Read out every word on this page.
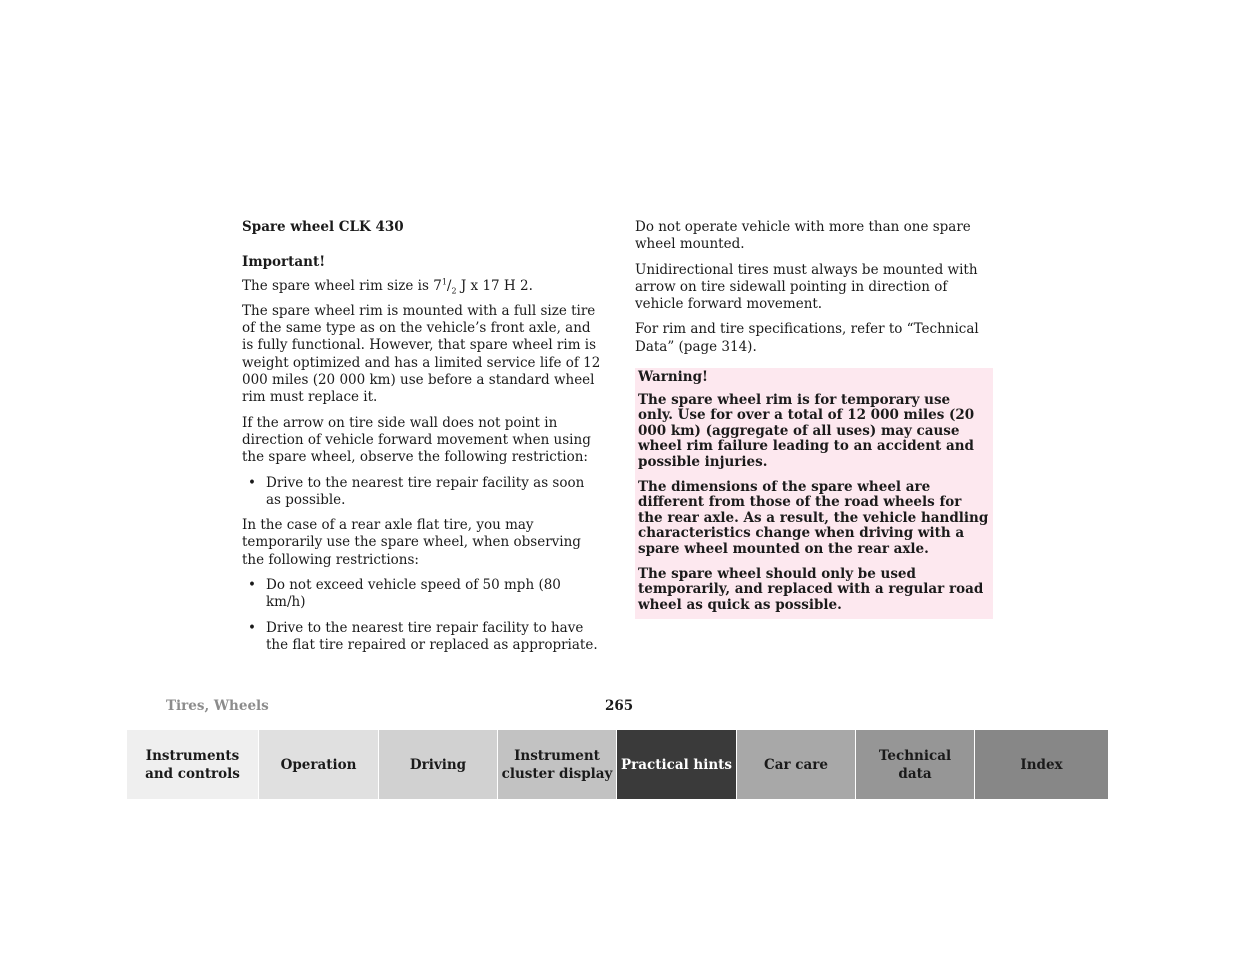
Spare wheel CLK 430

Important!

The spare wheel rim size is $7^1/_2$ J x 17 H 2.

The spare wheel rim is mounted with a full size tire of the same type as on the vehicle’s front axle, and is fully functional. However, that spare wheel rim is weight optimized and has a limited service life of 12 000 miles (20 000 km) use before a standard wheel rim must replace it.

If the arrow on tire side wall does not point in direction of vehicle forward movement when using the spare wheel, observe the following restriction:

• Drive to the nearest tire repair facility as soon as possible.

In the case of a rear axle flat tire, you may temporarily use the spare wheel, when observing the following restrictions:

• Do not exceed vehicle speed of 50 mph (80 km/h)
• Drive to the nearest tire repair facility to have the flat tire repaired or replaced as appropriate.

Do not operate vehicle with more than one spare wheel mounted.

Unidirectional tires must always be mounted with arrow on tire sidewall pointing in direction of vehicle forward movement.

For rim and tire specifications, refer to “Technical Data” (page 314).

Warning!

The spare wheel rim is for temporary use only. Use for over a total of 12 000 miles (20 000 km) (aggregate of all uses) may cause wheel rim failure leading to an accident and possible injuries.

The dimensions of the spare wheel are different from those of the road wheels for the rear axle. As a result, the vehicle handling characteristics change when driving with a spare wheel mounted on the rear axle.

The spare wheel should only be used temporarily, and replaced with a regular road wheel as quick as possible.

Tires, Wheels	265
Instruments
and controls
Operation	Driving
Instrument
cluster display
Practical hints Car care
Technical
data
Index
